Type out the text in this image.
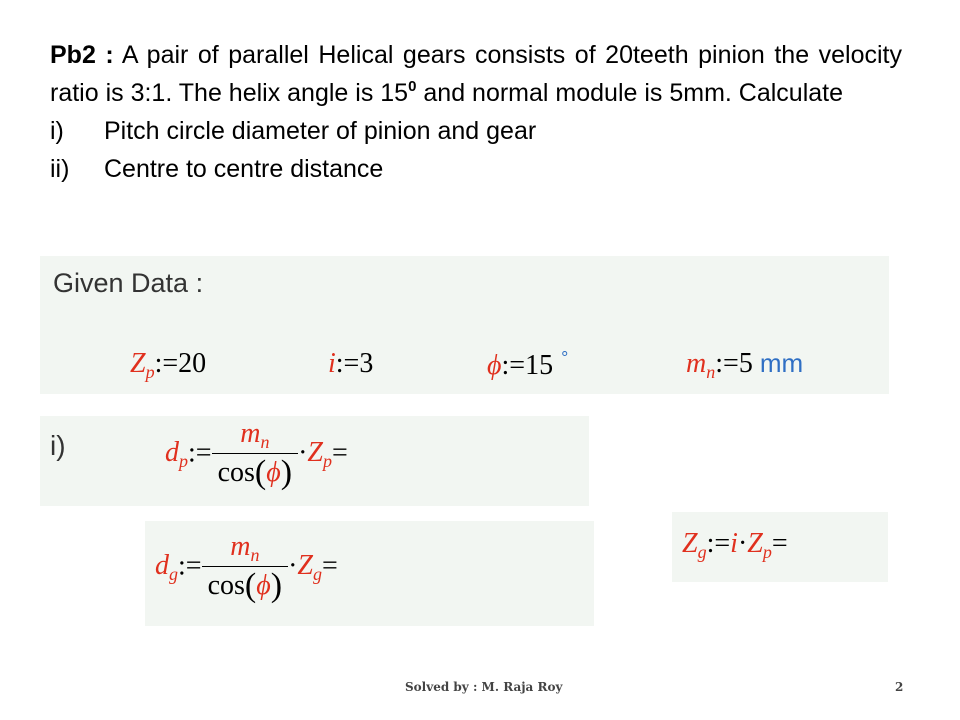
Pb2 : A pair of parallel Helical gears consists of 20teeth pinion the velocity ratio is 3:1. The helix angle is $15^0$ and normal module is 5mm. Calculate
i)	Pitch circle diameter of pinion and gear
ii)	Centre to centre distance
Given Data :
$Z_p:=20$	i:=3	ϕ:=15 °	$m_n:=5$ mm
i)	$d_p:= \frac{m_n}{\cos(\phi)} \cdot Z_p=$
$d_g:= \frac{m_n}{\cos(\phi)} \cdot Z_g=$
$Z_g:=i\cdot Z_p=$
Solved by : M. Raja Roy	2
